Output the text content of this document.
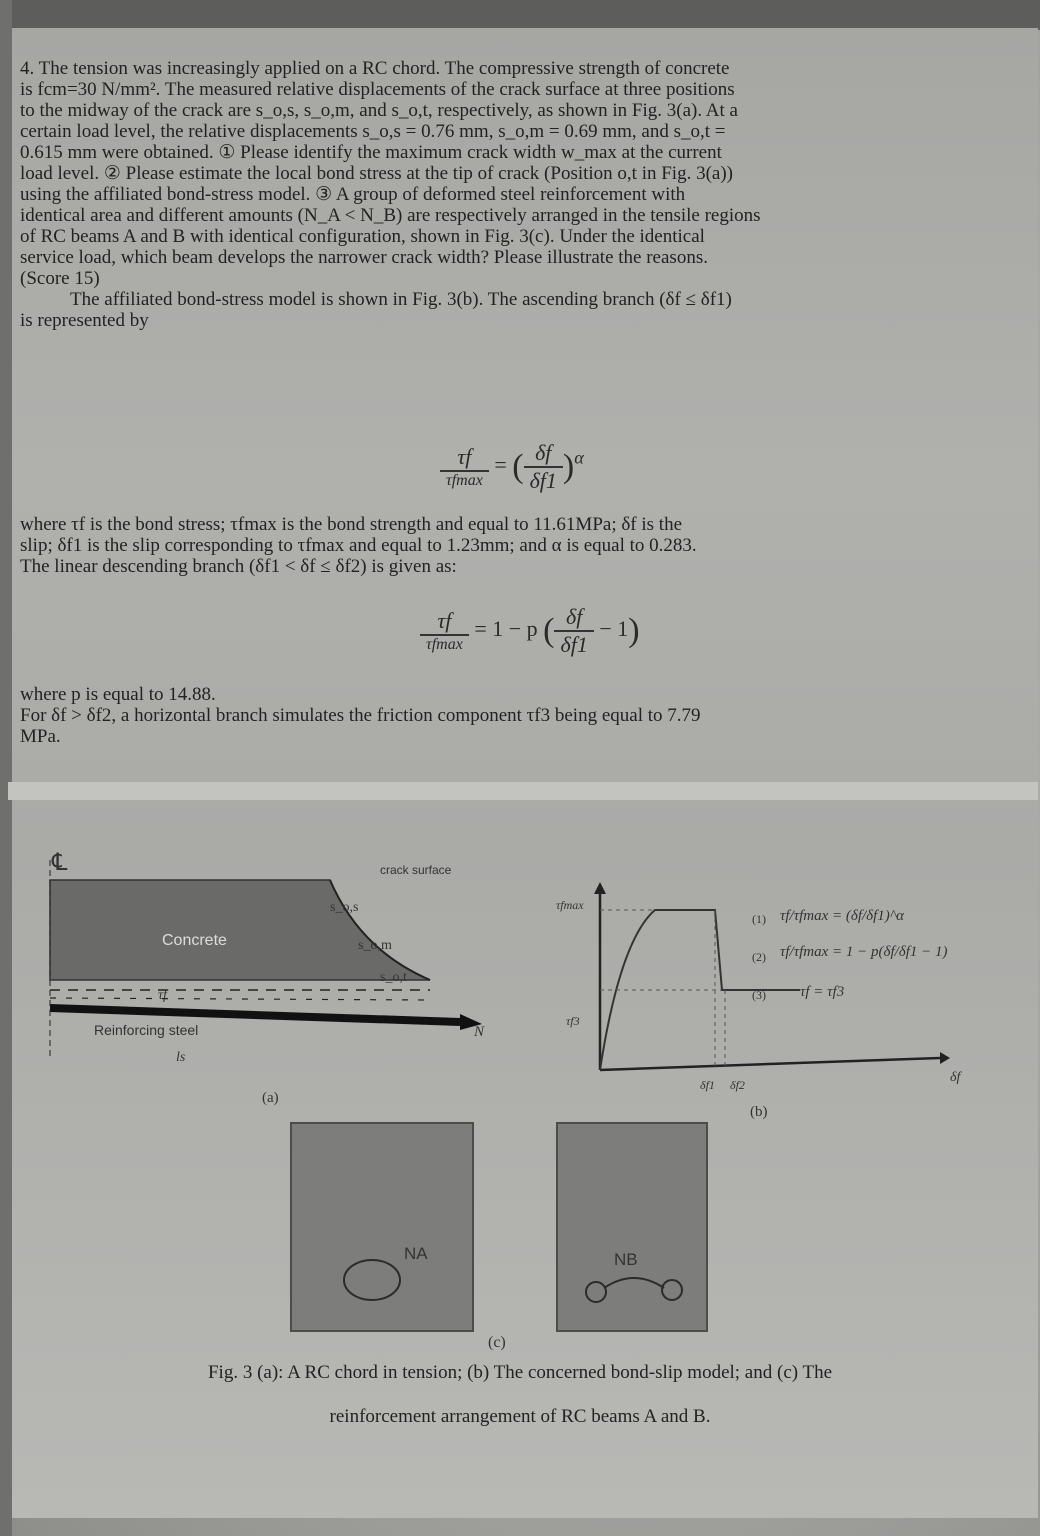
4. The tension was increasingly applied on a RC chord. The compressive strength of concrete
is fcm=30 N/mm². The measured relative displacements of the crack surface at three positions
to the midway of the crack are s_o,s, s_o,m, and s_o,t, respectively, as shown in Fig. 3(a). At a
certain load level, the relative displacements s_o,s = 0.76 mm, s_o,m = 0.69 mm, and s_o,t =
0.615 mm were obtained. ① Please identify the maximum crack width w_max at the current
load level. ② Please estimate the local bond stress at the tip of crack (Position o,t in Fig. 3(a))
using the affiliated bond-stress model. ③ A group of deformed steel reinforcement with
identical area and different amounts (N_A < N_B) are respectively arranged in the tensile regions
of RC beams A and B with identical configuration, shown in Fig. 3(c). Under the identical
service load, which beam develops the narrower crack width? Please illustrate the reasons.
(Score 15)
The affiliated bond-stress model is shown in Fig. 3(b). The ascending branch (δf ≤ δf1)
is represented by
$\frac{\tau f}{\tau fmax}$ = ( $\frac{\delta f}{\delta f1} )^\alpha$
where τf is the bond stress; τfmax is the bond strength and equal to 11.61MPa; δf is the
slip; δf1 is the slip corresponding to τfmax and equal to 1.23mm; and α is equal to 0.283.
The linear descending branch (δf1 < δf ≤ δf2) is given as:
$\frac{\tau f}{\tau fmax} = 1 - p$ ( $\frac{\delta f}{\delta f1} - 1$)
where p is equal to 14.88.
For δf > δf2, a horizontal branch simulates the friction component τf3 being equal to 7.79
MPa.
℄	crack surface
s_o,s
s_o,m
s_o,t
Concrete
τf
Reinforcing steel
ls
N
(a)
τfmax
τf3
δf
δf1 δf2
(1) τf/τfmax = (δf/δf1)^α
(2) τf/τfmax = 1 − p(δf/δf1 − 1)
(3) τf = τf3
(b)
NA	NB
(c)
Fig. 3 (a): A RC chord in tension; (b) The concerned bond-slip model; and (c) The
reinforcement arrangement of RC beams A and B.
